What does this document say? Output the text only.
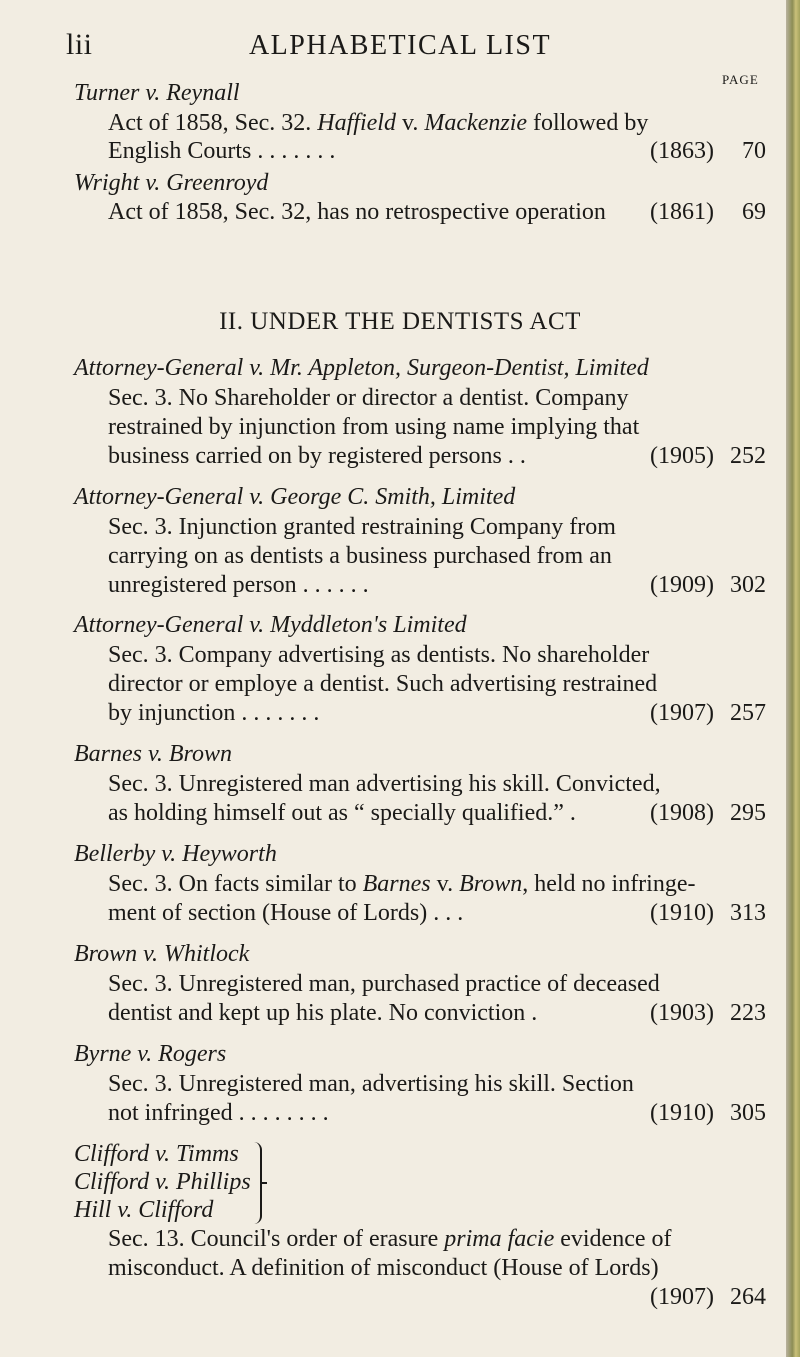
lii	ALPHABETICAL LIST
PAGE
Turner v. Reynall
Act of 1858, Sec. 32. Haffield v. Mackenzie followed by
English Courts . . . . . . .	(1863)	70
Wright v. Greenroyd
Act of 1858, Sec. 32, has no retrospective operation (1861)	69
II. UNDER THE DENTISTS ACT
Attorney-General v. Mr. Appleton, Surgeon-Dentist, Limited
Sec. 3. No Shareholder or director a dentist. Company
restrained by injunction from using name implying that
business carried on by registered persons . .	(1905) 252
Attorney-General v. George C. Smith, Limited
Sec. 3. Injunction granted restraining Company from
carrying on as dentists a business purchased from an
unregistered person . . . . . .	(1909) 302
Attorney-General v. Myddleton's Limited
Sec. 3. Company advertising as dentists. No shareholder
director or employe a dentist. Such advertising restrained
by injunction . . . . . . .	(1907) 257
Barnes v. Brown
Sec. 3. Unregistered man advertising his skill. Convicted,
as holding himself out as “ specially qualified.” .	(1908) 295
Bellerby v. Heyworth
Sec. 3. On facts similar to Barnes v. Brown, held no infringe-
ment of section (House of Lords) . . .	(1910) 313
Brown v. Whitlock
Sec. 3. Unregistered man, purchased practice of deceased
dentist and kept up his plate. No conviction .	(1903) 223
Byrne v. Rogers
Sec. 3. Unregistered man, advertising his skill. Section
not infringed . . . . . . . .	(1910) 305
Clifford v. Timms
Clifford v. Phillips
Hill v. Clifford
Sec. 13. Council's order of erasure prima facie evidence of
misconduct. A definition of misconduct (House of Lords)
(1907) 264
